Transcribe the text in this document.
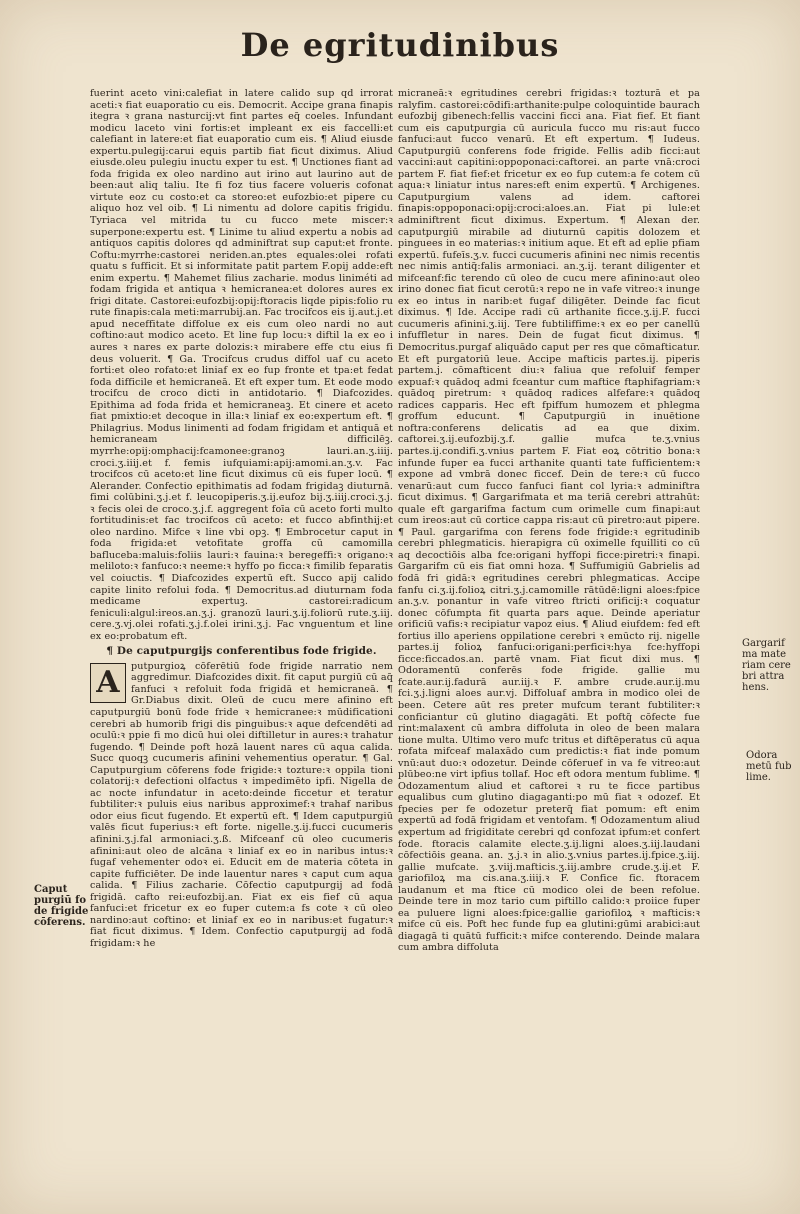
De egritudinibus

fuerint aceto vini:calefiat in latere calido sup qd irrorat aceti:ꝛ fiat euaporatio cu eis. Democrit. Accipe grana finapis itegra ꝛ grana nasturcij:vt fint partes eq̃ coeles. Infundant modicu laceto vini fortis:et impleant ex eis faccelli:et calefiant in latere:et fiat euaporatio cum eis. ¶ Aliud eiusde expertu.pulegij:carui equis partib fiat ficut diximus. Aliud eiusde.oleu pulegiu inuctu exper tu est. ¶ Unctiones fiant ad foda frigida ex oleo nardino aut irino aut laurino aut de been:aut aliq taliu. Ite fi foz tius facere volueris cofonat virtute eoz cu costo:et ca storeo:et eufozbio:et pipere cu aliquo hoz vel oib. ¶ Li nimentu ad dolore capitis frigidu. Tyriaca vel mitrida tu cu fucco mete miscer:ꝛ superpone:expertu est. ¶ Linime tu aliud expertu a nobis ad antiquos capitis dolores qd adminiftrat sup caput:et fronte. Coftu:myrrhe:castorei neriden.an.ptes equales:olei rofati quatu s fufficit. Et si informitate patit partem F.opij adde:eft enim expertu. ¶ Mahemet filius zacharie. modus liniméti ad fodam frigida et antiqua ꝛ hemicranea:et dolores aures ex frigi ditate. Castorei:eufozbij:opij:ftoracis liqde pipis:folio ru rute finapis:cala meti:marrubij.an. Fac trocifcos eis ij.aut.j.et apud neceffitate diffolue ex eis cum oleo nardi no aut coftino:aut modico aceto. Et line fup locu:ꝛ diftil la ex eo i aures ꝛ nares ex parte dolozis:ꝛ mirabere effe ctu eius fi deus voluerit. ¶ Ga. Trocifcus crudus diffol uaf cu aceto forti:et oleo rofato:et liniaf ex eo fup fronte et tpa:et fedat foda difficile et hemicraneā. Et eft exper tum. Et eode modo trocifcu de croco dicti in antidotario. ¶ Diafcozides. Epithima ad foda frida et hemicraneaꝫ. Et cinere et aceto fiat pmixtio:et decoque in illa:ꝛ liniaf ex eo:expertum eft. ¶ Philagrius. Modus linimenti ad fodam frigidam et antiquā et hemicraneam difficilēꝫ. myrrhe:opij:omphacij:fcamonee:granoꝫ lauri.an.ʒ.iiij. croci.ʒ.iiij.et f. femis iufquiami:apij:amomi.an.ʒ.v. Fac trocifcos cū aceto:et line ficut diximus cū eis fuper locū. ¶ Alerander. Confectio epithimatis ad fodam frigidaꝫ diuturnā. fimi colūbini.ʒ.j.et f. leucopiperis.ʒ.ij.eufoz bij.ʒ.iiij.croci.ʒ.j. ꝛ fecis olei de croco.ʒ.j.f. aggregent foīa cū aceto forti multo fortitudinis:et fac trocifcos cū aceto: et fucco abfinthij:et oleo nardino. Mifce ꝛ line vbi opꝫ. ¶ Embrocetur caput in foda frigida:et vetofitate groffa cū camomilla bafluceba:maluis:foliis lauri:ꝛ fauina:ꝛ beregeffi:ꝛ origano:ꝛ meliloto:ꝛ fanfuco:ꝛ neeme:ꝛ hyffo po ficca:ꝛ fimilib feparatis vel coiuctis. ¶ Diafcozides expertū eft. Succo apij calido capite linito refolui foda. ¶ Democritus.ad diuturnam foda medicame expertuꝫ. castorei:radicum feniculi:algul:ireos.an.ʒ.j. granozū lauri.ʒ.ij.foliorū rute.ʒ.iij. cere.ʒ.vj.olei rofati.ʒ.j.f.olei irini.ʒ.j. Fac vnguentum et line ex eo:probatum eft.

¶ De caputpurgijs conferentibus fode frigide.
A	putpurgioꝝ cōferētiū fode frigide narratio nem aggredimur. Diafcozides dixit. fit caput purgiū cū aq̃ fanfuci ꝛ refoluit foda frigidā et hemicraneā. ¶ Gr.Diabus dixit. Oleū de cucu mere afinino eft caputpurgiū bonū fode fride ꝛ hemicranee:ꝛ mūdificationi cerebri ab humorib frigi dis pinguibus:ꝛ aque defcendēti ad oculū:ꝛ ppie fi mo dicū hui olei diftilletur in aures:ꝛ trahatur fugendo. ¶ Deinde poft hozā lauent nares cū aqua calida. Succ quoqꝫ cucumeris afinini vehementius operatur. ¶ Gal. Caputpurgium cōferens fode frigide:ꝛ tozture:ꝛ oppila tioni colatorij:ꝛ defectioni olfactus ꝛ impedimēto ipfi. Nigella de ac nocte infundatur in aceto:deinde ficcetur et teratur fubtiliter:ꝛ puluis eius naribus approximef:ꝛ trahaf naribus odor eius ficut fugendo. Et expertū eft. ¶ Idem caputpurgiū valēs ficut fuperius:ꝛ eft forte. nigelle.ʒ.ij.fucci cucumeris afinini.ʒ.j.fal armoniaci.ʒ.ß. Mifceanf cū oleo cucumeris afinini:aut oleo de alcāna ꝛ liniaf ex eo in naribus intus:ꝛ fugaf vehementer odoꝛ ei. Educit em de materia cōteta in capite fufficiēter. De inde lauentur nares ꝛ caput cum aqua calida. ¶ Filius zacharie. Cōfectio caputpurgij ad fodā frigidā. cafto rei:eufozbij.an. Fiat ex eis fief cū aqua fanfuci:et fricetur ex eo fuper cutem:a fs cote ꝛ cū oleo nardino:aut coftino: et liniaf ex eo in naribus:et fugatur:ꝛ fiat ficut diximus. ¶ Idem. Confectio caputpurgij ad fodā frigidam:ꝛ he

micraneā:ꝛ egritudines cerebri frigidas:ꝛ tozturā et pa ralyfim. castorei:cōdifi:arthanite:pulpe coloquintide baurach eufozbij gibenech:fellis vaccini ficci ana. Fiat fief. Et fiant cum eis caputpurgia cū auricula fucco mu ris:aut fucco fanfuci:aut fucco venarū. Et eft expertum. ¶ Iudeus. Caputpurgiū conferens fode frigide. Fellis adib ficci:aut vaccini:aut capitini:oppoponaci:caftorei. an parte vnā:croci partem F. fiat fief:et fricetur ex eo fup cutem:a fe cotem cū aqua:ꝛ liniatur intus nares:eft enim expertū. ¶ Archigenes. Caputpurgium valens ad idem. caftorei finapis:oppoponaci:opij:croci:aloes.an. Fiat pi lule:et adminiftrent ficut diximus. Expertum. ¶ Alexan der. caputpurgiū mirabile ad diuturnū capitis dolozem et pinguees in eo materias:ꝛ initium aque. Et eft ad eplie pfiam expertū. fufeīs.ʒ.v. fucci cucumeris afinini nec nimis recentis nec nimis antiq̃:falis armoniaci. an.ʒ.ij. terant diligenter et mifceanf:fic terendo cū oleo de cucu mere afinino:aut oleo irino donec fiat ficut cerotū:ꝛ repo ne in vafe vitreo:ꝛ inunge ex eo intus in narib:et fugaf diligēter. Deinde fac ficut diximus. ¶ Ide. Accipe radi cū arthanite ficce.ʒ.ij.F. fucci cucumeris afinini.ʒ.iij. Tere fubtiliffime:ꝛ ex eo per canellū infuffletur in nares. Dein de fugat ficut diximus. ¶ Democritus.purgaf aliquādo caput per res que cōmafticatur. Et eft purgatoriū leue. Accipe mafticis partes.ij. piperis partem.j. cōmafticent diu:ꝛ faliua que refoluif femper expuaf:ꝛ quādoq admi fceantur cum maftice ftaphifagriam:ꝛ quādoq piretrum: ꝛ quādoq radices alfefare:ꝛ quādoq radices capparis. Hec eft fpiffum humozem et phlegma groffum educunt. ¶ Caputpurgiū in inuētione noftra:conferens delicatis ad ea que dixim. caftorei.ʒ.ij.eufozbij.ʒ.f. gallie mufca te.ʒ.vnius partes.ij.condifi.ʒ.vnius partem F. Fiat eoꝝ cōtritio bona:ꝛ infunde fuper ea fucci arthanite quanti tate fufficientem:ꝛ expone ad vmbrā donec ficcef. Dein de tere:ꝛ cū fucco venarū:aut cum fucco fanfuci fiant col lyria:ꝛ adminiftra ficut diximus. ¶ Gargarifmata et ma teriā cerebri attrahūt: quale eft gargarifma factum cum orimelle cum finapi:aut cum ireos:aut cū cortice cappa ris:aut cū piretro:aut pipere. ¶ Paul. gargarifma con ferens fode frigide:ꝛ egritudinib cerebri phlegmaticis. hierapigra cū oximelle fquilliti co cū aq decoctiōis alba fce:origani hyffopi ficce:piretri:ꝛ finapi. Gargarifm cū eis fiat omni hoza. ¶ Suffumigiū Gabrielis ad fodā fri gidā:ꝛ egritudines cerebri phlegmaticas. Accipe fanfu ci.ʒ.ij.folioꝝ citri.ʒ.j.camomille rātūdē:ligni aloes:fpice an.ʒ.v. ponantur in vafe vitreo ftricti orificij:ꝛ coquatur donec cōfumpta fit quarta pars aque. Deinde aperiatur orificiū vafis:ꝛ recipiatur vapoz eius. ¶ Aliud eiufdem: fed eft fortius illo aperiens oppilatione cerebri ꝛ emūcto rij. nigelle partes.ij folioꝝ fanfuci:origani:perficiꝛ:hya fce:hyffopi ficce:ficcados.an. partē vnam. Fiat ficut dixi mus. ¶ Odoramentū conferēs fode frigide. gallie mu fcate.aur.ij.fadurā aur.iij.ꝛ F. ambre crude.aur.ij.mu fci.ʒ.j.ligni aloes aur.vj. Diffoluaf ambra in modico olei de been. Cetere aūt res preter mufcum terant fubtiliter:ꝛ conficiantur cū glutino diagagāti. Et poftq̃ cōfecte fue rint:malaxent cū ambra diffoluta in oleo de been malara tione multa. Ultimo vero mufc tritus et diftēperatus cū aqua rofata mifceaf malaxādo cum predictis:ꝛ fiat inde pomum vnū:aut duo:ꝛ odozetur. Deinde cōferuef in va fe vitreo:aut plūbeo:ne virt ipfius tollaf. Hoc eft odora mentum fublime. ¶ Odozamentum aliud et caftorei ꝛ ru te ficce partibus equalibus cum glutino diagaganti:po mū fiat ꝛ odozef. Et fpecies per fe odozetur preterq̃ fiat pomum: eft enim expertū ad fodā frigidam et ventofam. ¶ Odozamentum aliud expertum ad frigiditate cerebri qd confozat ipfum:et confert fode. ftoracis calamite electe.ʒ.ij.ligni aloes.ʒ.iij.laudani cōfectiōis geana. an. ʒ.j.ꝛ in alio.ʒ.vnius partes.ij.fpice.ʒ.iij. gallie mufcate. ʒ.viij.mafticis.ʒ.iij.ambre crude.ʒ.ij.et F. gariofiloꝝ ma cis.ana.ʒ.iiij.ꝛ F. Confice fic. ftoracem laudanum et ma ftice cū modico olei de been refolue. Deinde tere in moz tario cum piftillo calido:ꝛ proiice fuper ea puluere ligni aloes:fpice:gallie gariofiloꝝ ꝛ mafticis:ꝛ mifce cū eis. Poft hec funde fup ea glutini:gūmi arabici:aut diagagā ti quātū fufficit:ꝛ mifce conterendo. Deinde malara cum ambra diffoluta

Caput
purgiū fo
de frigide
cōferens.
Gargarif
ma mate
riam cere
bri attra
hens.
Odora
metū fub
lime.
